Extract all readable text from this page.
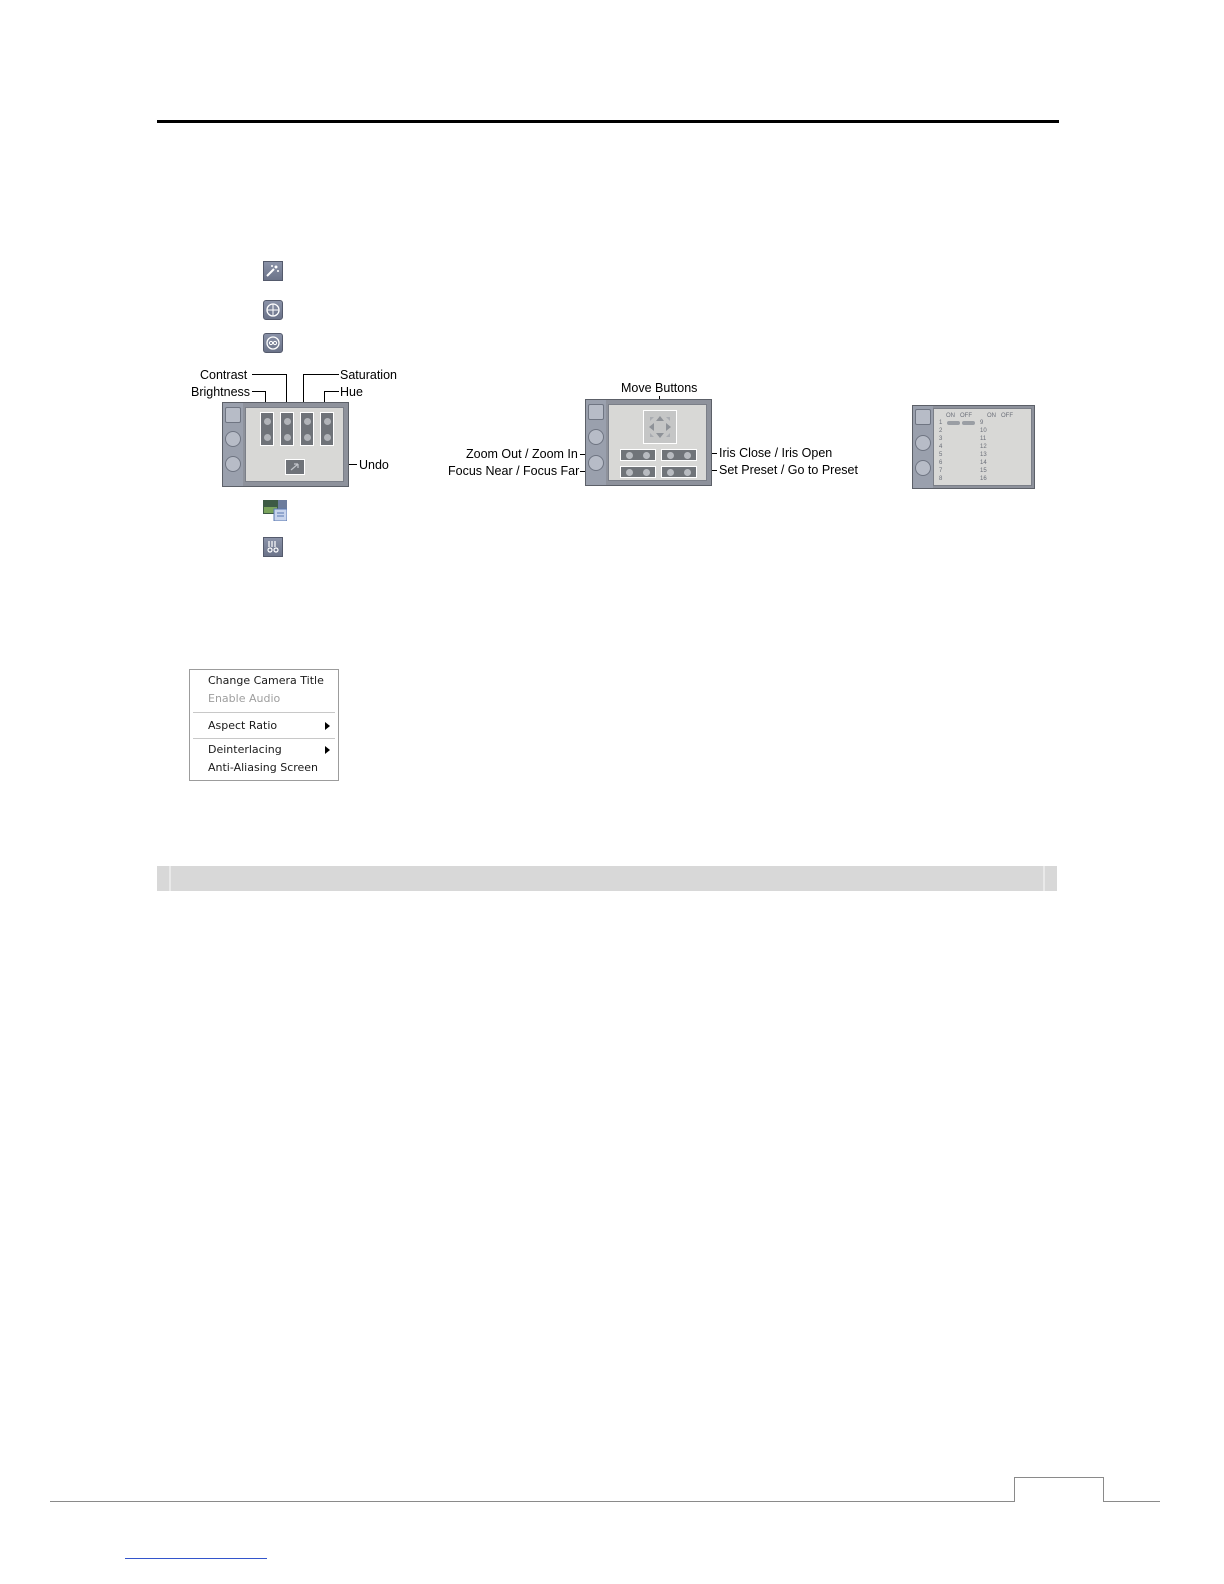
Contrast
Brightness
Saturation
Hue
Undo
Move Buttons
Zoom Out / Zoom In
Focus Near / Focus Far
Iris Close / Iris Open
Set Preset / Go to Preset
ON OFF	ON OFF
1
2
3
4
5
6
7
8
9
10
11
12
13
14
15
16
Change Camera Title
Enable Audio
Aspect Ratio
Deinterlacing
Anti-Aliasing Screen
